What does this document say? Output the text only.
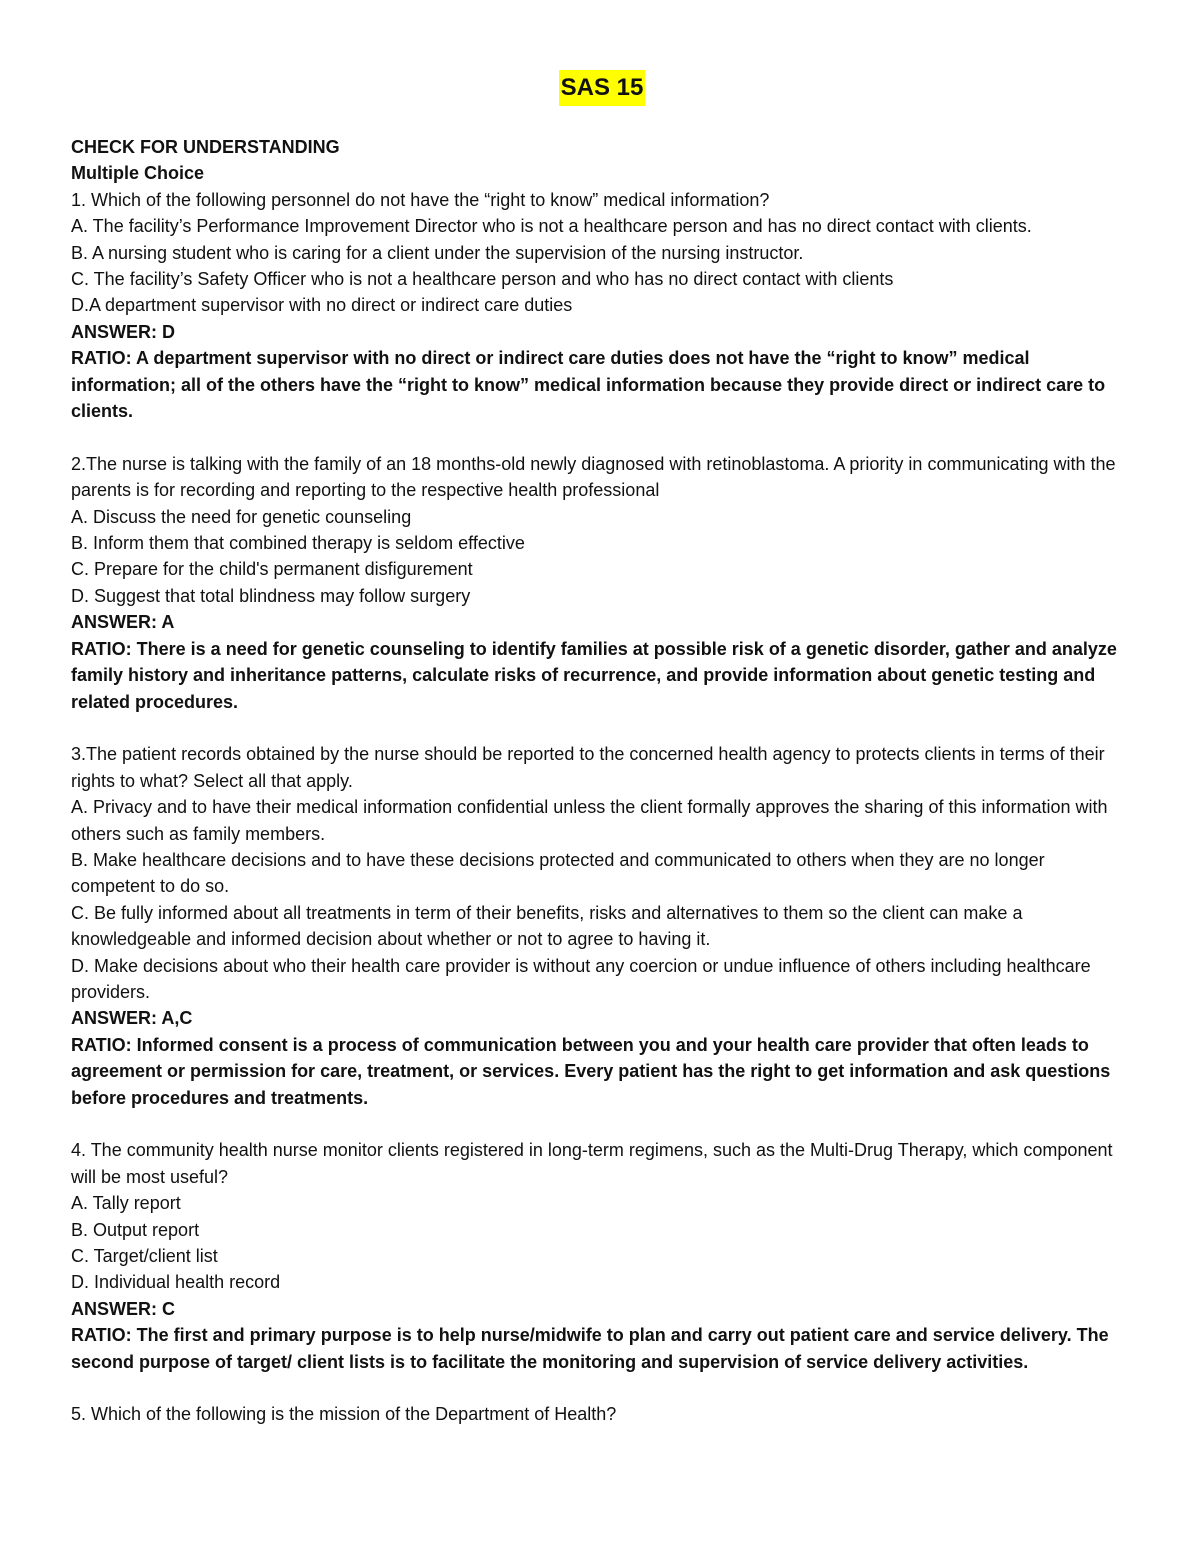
SAS 15
CHECK FOR UNDERSTANDING
Multiple Choice
1. Which of the following personnel do not have the “right to know” medical information?
A. The facility’s Performance Improvement Director who is not a healthcare person and has no direct contact with clients.
B. A nursing student who is caring for a client under the supervision of the nursing instructor.
C. The facility’s Safety Officer who is not a healthcare person and who has no direct contact with clients
D.A department supervisor with no direct or indirect care duties
ANSWER: D
RATIO: A department supervisor with no direct or indirect care duties does not have the “right to know” medical information; all of the others have the “right to know” medical information because they provide direct or indirect care to clients.
2.The nurse is talking with the family of an 18 months-old newly diagnosed with retinoblastoma. A priority in communicating with the parents is for recording and reporting to the respective health professional
A. Discuss the need for genetic counseling
B. Inform them that combined therapy is seldom effective
C. Prepare for the child's permanent disfigurement
D. Suggest that total blindness may follow surgery
ANSWER: A
RATIO: There is a need for genetic counseling to identify families at possible risk of a genetic disorder, gather and analyze family history and inheritance patterns, calculate risks of recurrence, and provide information about genetic testing and related procedures.
3.The patient records obtained by the nurse should be reported to the concerned health agency to protects clients in terms of their rights to what? Select all that apply.
A. Privacy and to have their medical information confidential unless the client formally approves the sharing of this information with others such as family members.
B. Make healthcare decisions and to have these decisions protected and communicated to others when they are no longer competent to do so.
C. Be fully informed about all treatments in term of their benefits, risks and alternatives to them so the client can make a knowledgeable and informed decision about whether or not to agree to having it.
D. Make decisions about who their health care provider is without any coercion or undue influence of others including healthcare providers.
ANSWER: A,C
RATIO: Informed consent is a process of communication between you and your health care provider that often leads to agreement or permission for care, treatment, or services. Every patient has the right to get information and ask questions before procedures and treatments.
4. The community health nurse monitor clients registered in long-term regimens, such as the Multi-Drug Therapy, which component will be most useful?
A. Tally report
B. Output report
C. Target/client list
D. Individual health record
ANSWER: C
RATIO: The first and primary purpose is to help nurse/midwife to plan and carry out patient care and service delivery. The second purpose of target/ client lists is to facilitate the monitoring and supervision of service delivery activities.
5. Which of the following is the mission of the Department of Health?
